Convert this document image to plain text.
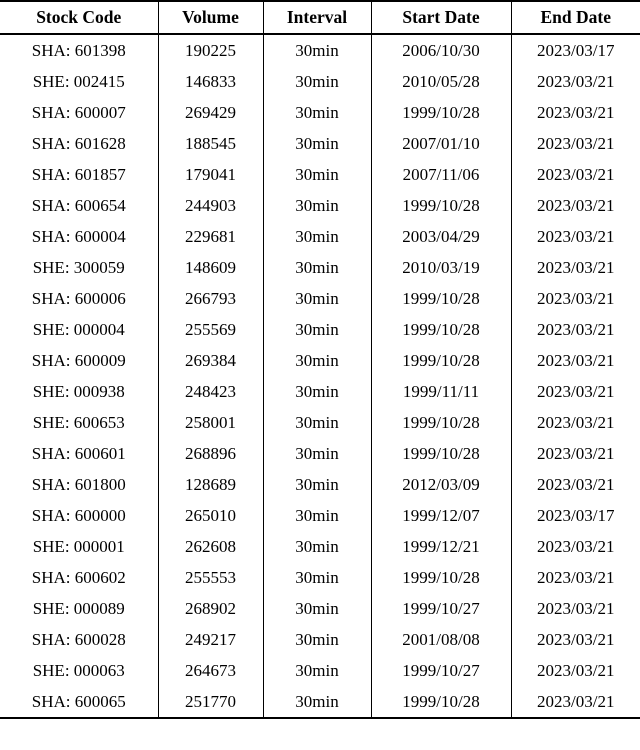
Stock Code	Volume	Interval	Start Date	End Date
SHA: 601398	190225	30min	2006/10/30	2023/03/17
SHE: 002415	146833	30min	2010/05/28	2023/03/21
SHA: 600007	269429	30min	1999/10/28	2023/03/21
SHA: 601628	188545	30min	2007/01/10	2023/03/21
SHA: 601857	179041	30min	2007/11/06	2023/03/21
SHA: 600654	244903	30min	1999/10/28	2023/03/21
SHA: 600004	229681	30min	2003/04/29	2023/03/21
SHE: 300059	148609	30min	2010/03/19	2023/03/21
SHA: 600006	266793	30min	1999/10/28	2023/03/21
SHE: 000004	255569	30min	1999/10/28	2023/03/21
SHA: 600009	269384	30min	1999/10/28	2023/03/21
SHE: 000938	248423	30min	1999/11/11	2023/03/21
SHE: 600653	258001	30min	1999/10/28	2023/03/21
SHA: 600601	268896	30min	1999/10/28	2023/03/21
SHA: 601800	128689	30min	2012/03/09	2023/03/21
SHA: 600000	265010	30min	1999/12/07	2023/03/17
SHE: 000001	262608	30min	1999/12/21	2023/03/21
SHA: 600602	255553	30min	1999/10/28	2023/03/21
SHE: 000089	268902	30min	1999/10/27	2023/03/21
SHA: 600028	249217	30min	2001/08/08	2023/03/21
SHE: 000063	264673	30min	1999/10/27	2023/03/21
SHA: 600065	251770	30min	1999/10/28	2023/03/21
